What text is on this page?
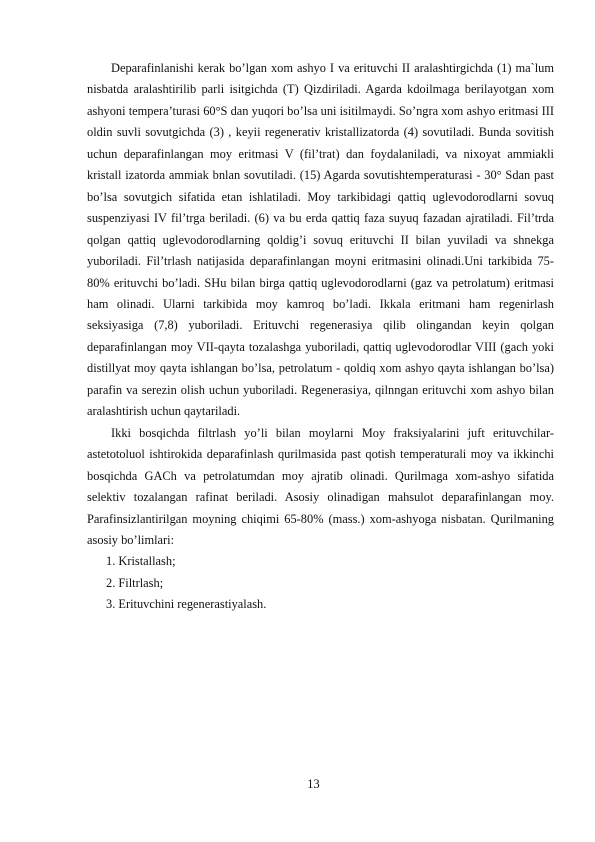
Deparafinlanishi kerak bo’lgan xom ashyo I va erituvchi II aralashtirgichda (1) ma`lum nisbatda aralashtirilib parli isitgichda (T) Qizdiriladi. Agarda kdoilmaga berilayotgan xom ashyoni tempera’turasi 60°S dan yuqori bo’lsa uni isitilmaydi. So’ngra xom ashyo eritmasi III oldin suvli sovutgichda (3) , keyii regenerativ kristallizatorda (4) sovutiladi. Bunda sovitish uchun deparafinlangan moy eritmasi V (fil’trat) dan foydalaniladi, va nixoyat ammiakli kristall izatorda ammiak bnlan sovutiladi. (15) Agarda sovutishtemperaturasi - 30° Sdan past bo’lsa sovutgich sifatida etan ishlatiladi. Moy tarkibidagi qattiq uglevodorodlarni sovuq suspenziyasi IV fil’trga beriladi. (6) va bu erda qattiq faza suyuq fazadan ajratiladi. Fil’trda qolgan qattiq uglevodorodlarning qoldig’i sovuq erituvchi II bilan yuviladi va shnekga yuboriladi. Fil’trlash natijasida deparafinlangan moyni eritmasini olinadi.Uni tarkibida 75-80% erituvchi bo’ladi. SHu bilan birga qattiq uglevodorodlarni (gaz va petrolatum) eritmasi ham olinadi. Ularni tarkibida moy kamroq bo’ladi. Ikkala eritmani ham regenirlash seksiyasiga (7,8) yuboriladi. Erituvchi regenerasiya qilib olingandan keyin qolgan deparafinlangan moy VII-qayta tozalashga yuboriladi, qattiq uglevodorodlar VIII (gach yoki distillyat moy qayta ishlangan bo’lsa, petrolatum - qoldiq xom ashyo qayta ishlangan bo’lsa) parafin va serezin olish uchun yuboriladi. Regenerasiya, qilnngan erituvchi xom ashyo bilan aralashtirish uchun qaytariladi.

Ikki bosqichda filtrlash yo’li bilan moylarni Moy fraksiyalarini juft erituvchilar- astetotoluol ishtirokida deparafinlash qurilmasida past qotish temperaturali moy va ikkinchi bosqichda GACh va petrolatumdan moy ajratib olinadi. Qurilmaga xom-ashyo sifatida selektiv tozalangan rafinat beriladi. Asosiy olinadigan mahsulot deparafinlangan moy. Parafinsizlantirilgan moyning chiqimi 65-80% (mass.) xom-ashyoga nisbatan. Qurilmaning asosiy bo’limlari:

1. Kristallash;

2. Filtrlash;

3. Erituvchini regenerastiyalash.

13
